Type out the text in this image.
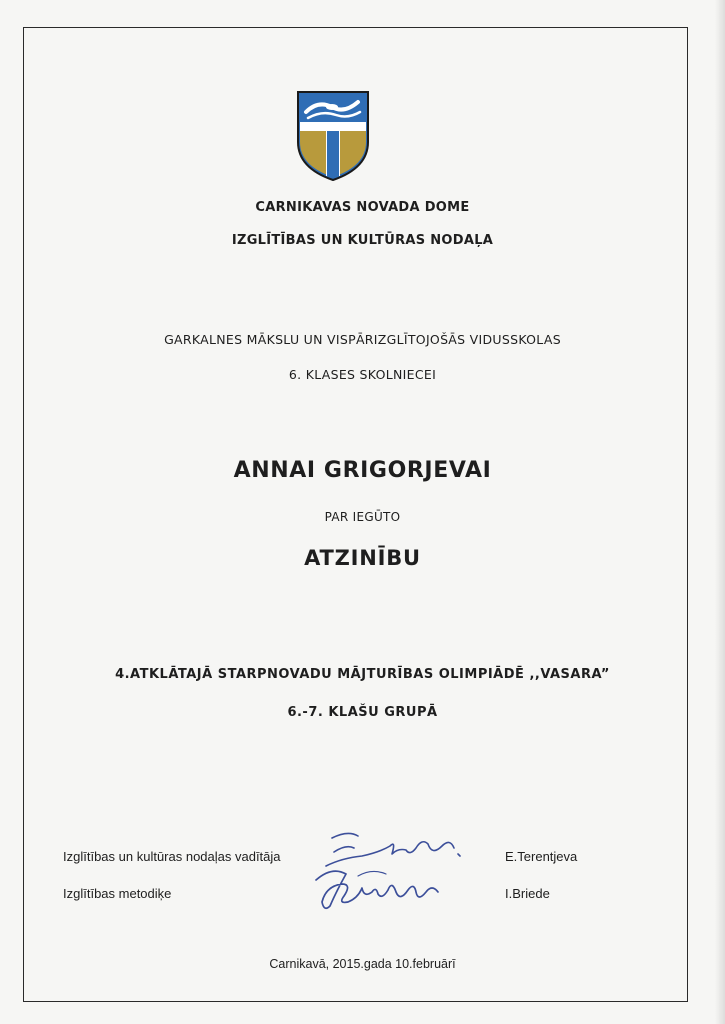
CARNIKAVAS NOVADA DOME
IZGLĪTĪBAS UN KULTŪRAS NODAĻA
GARKALNES MĀKSLU UN VISPĀRIZGLĪTOJOŠĀS VIDUSSKOLAS
6. KLASES SKOLNIECEI
ANNAI GRIGORJEVAI
PAR IEGŪTO
ATZINĪBU
4.ATKLĀTAJĀ STARPNOVADU MĀJTURĪBAS OLIMPIĀDĒ ,,VASARA”
6.-7. KLAŠU GRUPĀ
Izglītības un kultūras nodaļas vadītāja	E.Terentjeva
Izglītības metodiķe	I.Briede
Carnikavā, 2015.gada 10.februārī
